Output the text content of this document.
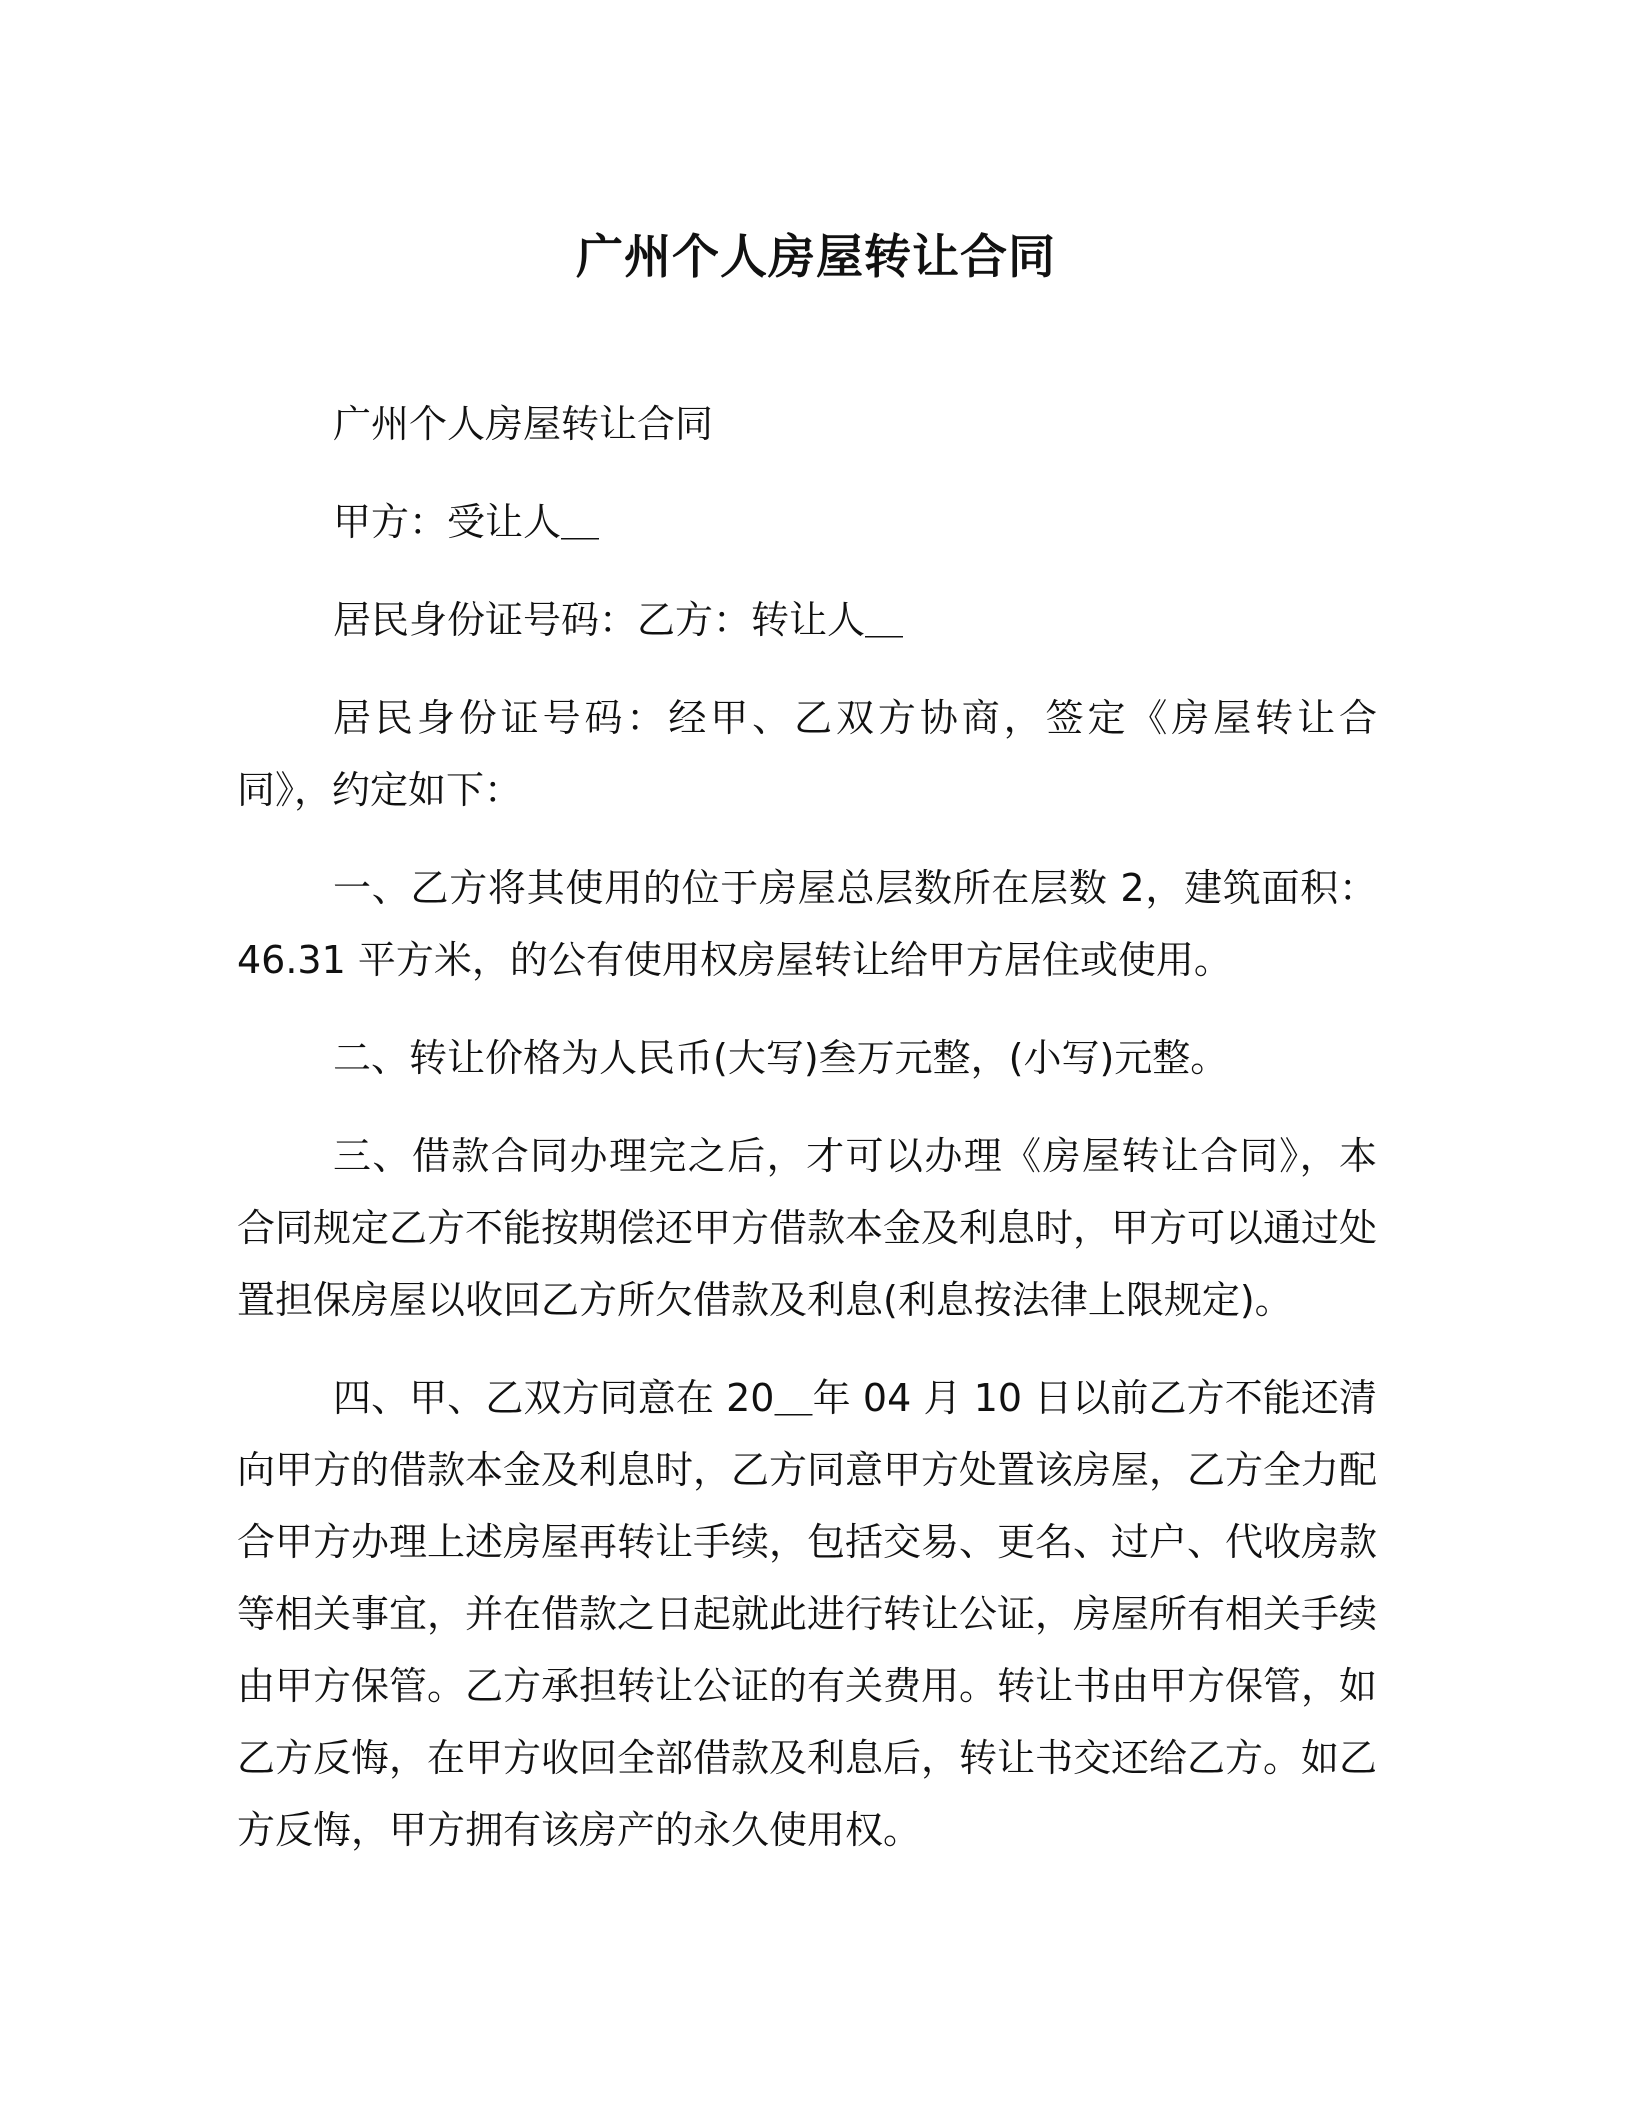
广州个人房屋转让合同

广州个人房屋转让合同

甲方：受让人＿

居民身份证号码：乙方：转让人＿

居民身份证号码：经甲、乙双方协商，签定《房屋转让合同》，约定如下：

一、乙方将其使用的位于房屋总层数所在层数 2，建筑面积：46.31 平方米，的公有使用权房屋转让给甲方居住或使用。

二、转让价格为人民币(大写)叁万元整，(小写)元整。

三、借款合同办理完之后，才可以办理《房屋转让合同》，本合同规定乙方不能按期偿还甲方借款本金及利息时，甲方可以通过处置担保房屋以收回乙方所欠借款及利息(利息按法律上限规定)。

四、甲、乙双方同意在 20＿年 04 月 10 日以前乙方不能还清向甲方的借款本金及利息时，乙方同意甲方处置该房屋，乙方全力配合甲方办理上述房屋再转让手续，包括交易、更名、过户、代收房款等相关事宜，并在借款之日起就此进行转让公证，房屋所有相关手续由甲方保管。乙方承担转让公证的有关费用。转让书由甲方保管，如乙方反悔，在甲方收回全部借款及利息后，转让书交还给乙方。如乙方反悔，甲方拥有该房产的永久使用权。
